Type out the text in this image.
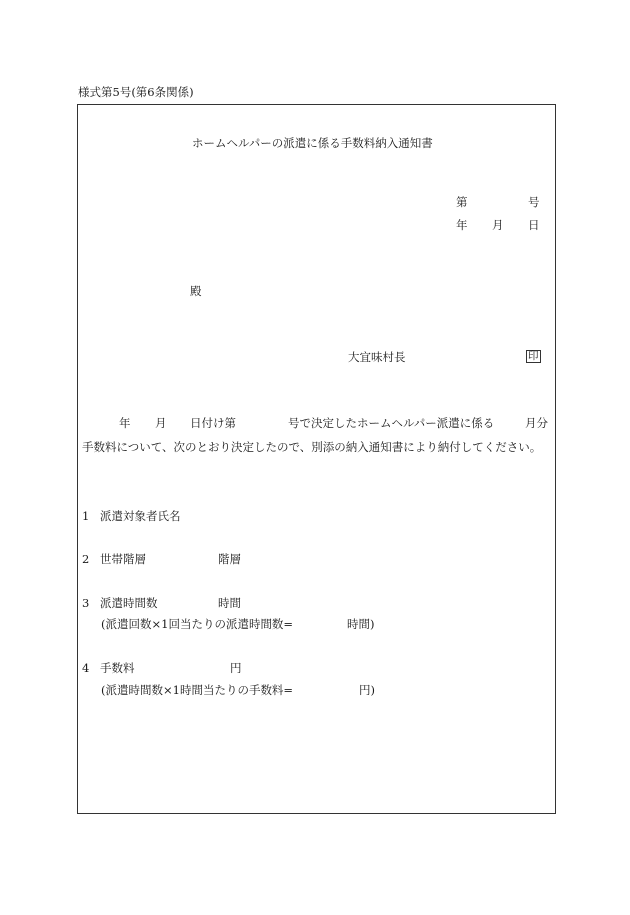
様式第5号(第6条関係)
ホームヘルパーの派遣に係る手数料納入通知書
第	号
年 月 日
殿
大宜味村長	印
年 月 日付け第	号で決定したホームヘルパー派遣に係る	月分
手数料について、次のとおり決定したので、別添の納入通知書により納付してください。
1 派遣対象者氏名
2 世帯階層	階層
3 派遣時間数	時間
(派遣回数×1回当たりの派遣時間数=	時間)
4 手数料	円
(派遣時間数×1時間当たりの手数料=	円)
